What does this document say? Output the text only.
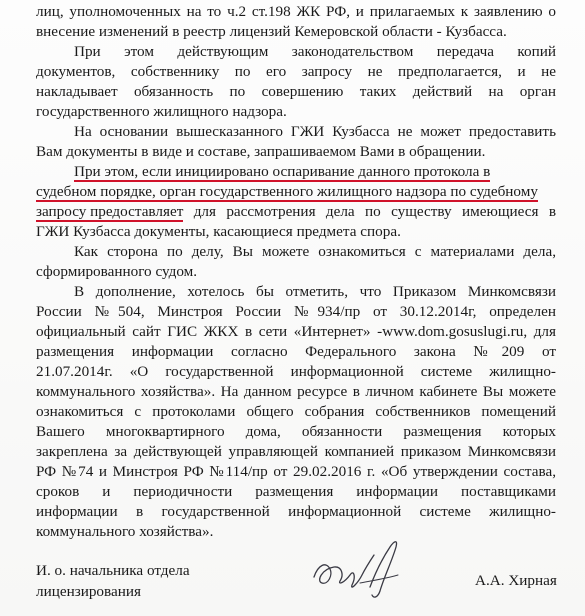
лиц, уполномоченных на то ч.2 ст.198 ЖК РФ, и прилагаемых к заявлению о
внесение изменений в реестр лицензий Кемеровской области - Кузбасса.
При этом действующим законодательством передача копий
документов, собственнику по его запросу не предполагается, и не
накладывает обязанность по совершению таких действий на орган
государственного жилищного надзора.
На основании вышесказанного ГЖИ Кузбасса не может предоставить
Вам документы в виде и составе, запрашиваемом Вами в обращении.
При этом, если инициировано оспаривание данного протокола в
судебном порядке, орган государственного жилищного надзора по судебному
запросу предоставляет для рассмотрения дела по существу имеющиеся в
ГЖИ Кузбасса документы, касающиеся предмета спора.
Как сторона по делу, Вы можете ознакомиться с материалами дела,
сформированного судом.
В дополнение, хотелось бы отметить, что Приказом Минкомсвязи
России №504, Минстроя России №934/пр от 30.12.2014г, определен
официальный сайт ГИС ЖКХ в сети «Интернет» -www.dom.gosuslugi.ru, для
размещения информации согласно Федерального закона №209 от
21.07.2014г. «О государственной информационной системе жилищно-
коммунального хозяйства». На данном ресурсе в личном кабинете Вы можете
ознакомиться с протоколами общего собрания собственников помещений
Вашего многоквартирного дома, обязанности размещения которых
закреплена за действующей управляющей компанией приказом Минкомсвязи
РФ №74 и Минстроя РФ №114/пр от 29.02.2016 г. «Об утверждении состава,
сроков и периодичности размещения информации поставщиками
информации в государственной информационной системе жилищно-
коммунального хозяйства».
И. о. начальника отдела
лицензирования
А.А. Хирная
